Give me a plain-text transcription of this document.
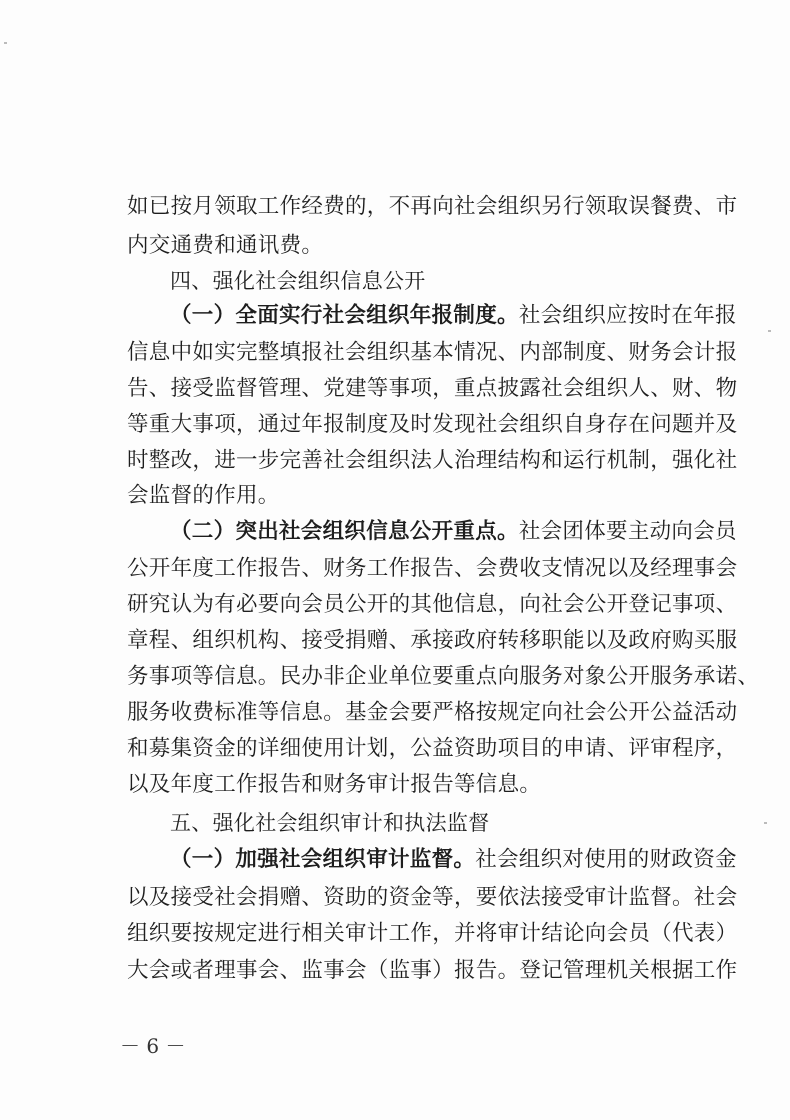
如已按月领取工作经费的，不再向社会组织另行领取误餐费、市
内交通费和通讯费。
四、强化社会组织信息公开
（一）全面实行社会组织年报制度。社会组织应按时在年报
信息中如实完整填报社会组织基本情况、内部制度、财务会计报
告、接受监督管理、党建等事项，重点披露社会组织人、财、物
等重大事项，通过年报制度及时发现社会组织自身存在问题并及
时整改，进一步完善社会组织法人治理结构和运行机制，强化社
会监督的作用。
（二）突出社会组织信息公开重点。社会团体要主动向会员
公开年度工作报告、财务工作报告、会费收支情况以及经理事会
研究认为有必要向会员公开的其他信息，向社会公开登记事项、
章程、组织机构、接受捐赠、承接政府转移职能以及政府购买服
务事项等信息。民办非企业单位要重点向服务对象公开服务承诺、
服务收费标准等信息。基金会要严格按规定向社会公开公益活动
和募集资金的详细使用计划，公益资助项目的申请、评审程序，
以及年度工作报告和财务审计报告等信息。
五、强化社会组织审计和执法监督
（一）加强社会组织审计监督。社会组织对使用的财政资金
以及接受社会捐赠、资助的资金等，要依法接受审计监督。社会
组织要按规定进行相关审计工作，并将审计结论向会员（代表）
大会或者理事会、监事会（监事）报告。登记管理机关根据工作
－ 6 －
